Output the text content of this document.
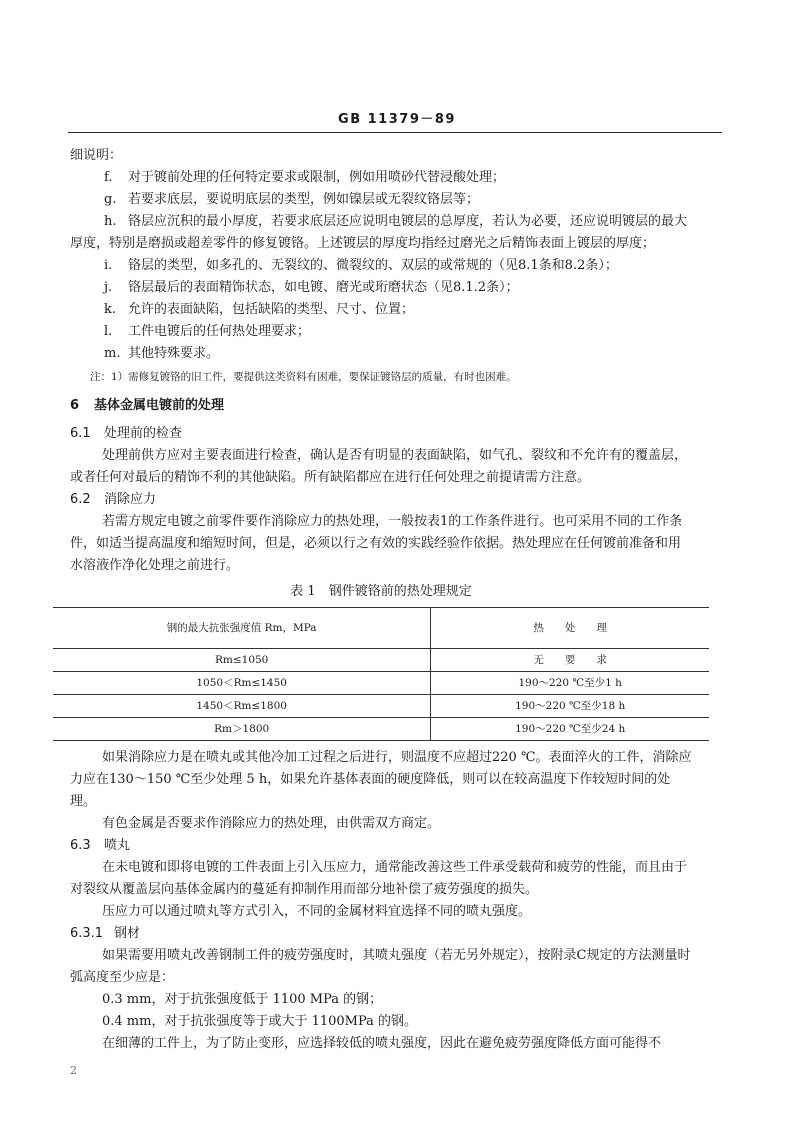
GB 11379－89

细说明：

f. 对于镀前处理的任何特定要求或限制，例如用喷砂代替浸酸处理；

g. 若要求底层，要说明底层的类型，例如镍层或无裂纹铬层等；

h. 铬层应沉积的最小厚度，若要求底层还应说明电镀层的总厚度，若认为必要，还应说明镀层的最大厚度，特别是磨损或超差零件的修复镀铬。上述镀层的厚度均指经过磨光之后精饰表面上镀层的厚度；

i. 铬层的类型，如多孔的、无裂纹的、微裂纹的、双层的或常规的（见8.1条和8.2条）；

j. 铬层最后的表面精饰状态，如电镀、磨光或珩磨状态（见8.1.2条）；

k. 允许的表面缺陷，包括缺陷的类型、尺寸、位置；

l. 工件电镀后的任何热处理要求；

m. 其他特殊要求。

注：1）需修复镀铬的旧工件，要提供这类资料有困难，要保证镀铬层的质量，有时也困难。

6 基体金属电镀前的处理

6.1 处理前的检查

处理前供方应对主要表面进行检查，确认是否有明显的表面缺陷，如气孔、裂纹和不允许有的覆盖层，或者任何对最后的精饰不利的其他缺陷。所有缺陷都应在进行任何处理之前提请需方注意。

6.2 消除应力

若需方规定电镀之前零件要作消除应力的热处理，一般按表1的工作条件进行。也可采用不同的工作条件，如适当提高温度和缩短时间，但是，必须以行之有效的实践经验作依据。热处理应在任何镀前准备和用水溶液作净化处理之前进行。

表 1　钢件镀铬前的热处理规定

钢的最大抗张强度值 Rm，MPa	热　　处　　理
Rm≤1050	无　　要　　求
1050＜Rm≤1450	190～220 ℃至少1 h
1450＜Rm≤1800	190～220 ℃至少18 h
Rm＞1800	190～220 ℃至少24 h

如果消除应力是在喷丸或其他冷加工过程之后进行，则温度不应超过220 ℃。表面淬火的工件，消除应力应在130～150 ℃至少处理 5 h，如果允许基体表面的硬度降低，则可以在较高温度下作较短时间的处理。

有色金属是否要求作消除应力的热处理，由供需双方商定。

6.3 喷丸

在未电镀和即将电镀的工件表面上引入压应力，通常能改善这些工件承受载荷和疲劳的性能，而且由于对裂纹从覆盖层向基体金属内的蔓延有抑制作用而部分地补偿了疲劳强度的损失。

压应力可以通过喷丸等方式引入，不同的金属材料宜选择不同的喷丸强度。

6.3.1 钢材

如果需要用喷丸改善钢制工件的疲劳强度时，其喷丸强度（若无另外规定），按附录C规定的方法测量时弧高度至少应是：

0.3 mm，对于抗张强度低于 1100 MPa 的钢；

0.4 mm，对于抗张强度等于或大于 1100MPa 的钢。

在细薄的工件上，为了防止变形，应选择较低的喷丸强度，因此在避免疲劳强度降低方面可能得不

2
